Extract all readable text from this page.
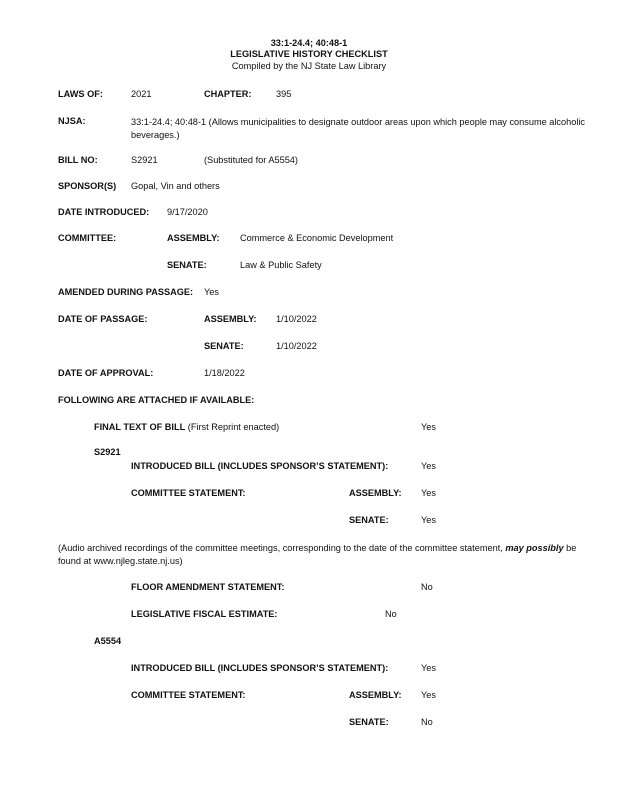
33:1-24.4; 40:48-1
LEGISLATIVE HISTORY CHECKLIST
Compiled by the NJ State Law Library
LAWS OF:	2021	CHAPTER:	395
NJSA:	33:1-24.4; 40:48-1 (Allows municipalities to designate outdoor areas upon which people may consume alcoholic beverages.)
BILL NO:	S2921	(Substituted for A5554)
SPONSOR(S) Gopal, Vin and others
DATE INTRODUCED: 9/17/2020
COMMITTEE:	ASSEMBLY: Commerce & Economic Development
SENATE:	Law & Public Safety
AMENDED DURING PASSAGE: Yes
DATE OF PASSAGE:	ASSEMBLY: 1/10/2022
SENATE:	1/10/2022
DATE OF APPROVAL:	1/18/2022
FOLLOWING ARE ATTACHED IF AVAILABLE:
FINAL TEXT OF BILL (First Reprint enacted)	Yes
S2921
INTRODUCED BILL (INCLUDES SPONSOR’S STATEMENT):	Yes
COMMITTEE STATEMENT:	ASSEMBLY: Yes
SENATE:	Yes
(Audio archived recordings of the committee meetings, corresponding to the date of the committee statement, may possibly be found at www.njleg.state.nj.us)
FLOOR AMENDMENT STATEMENT:	No
LEGISLATIVE FISCAL ESTIMATE:	No
A5554
INTRODUCED BILL (INCLUDES SPONSOR’S STATEMENT):	Yes
COMMITTEE STATEMENT:	ASSEMBLY: Yes
SENATE:	No
